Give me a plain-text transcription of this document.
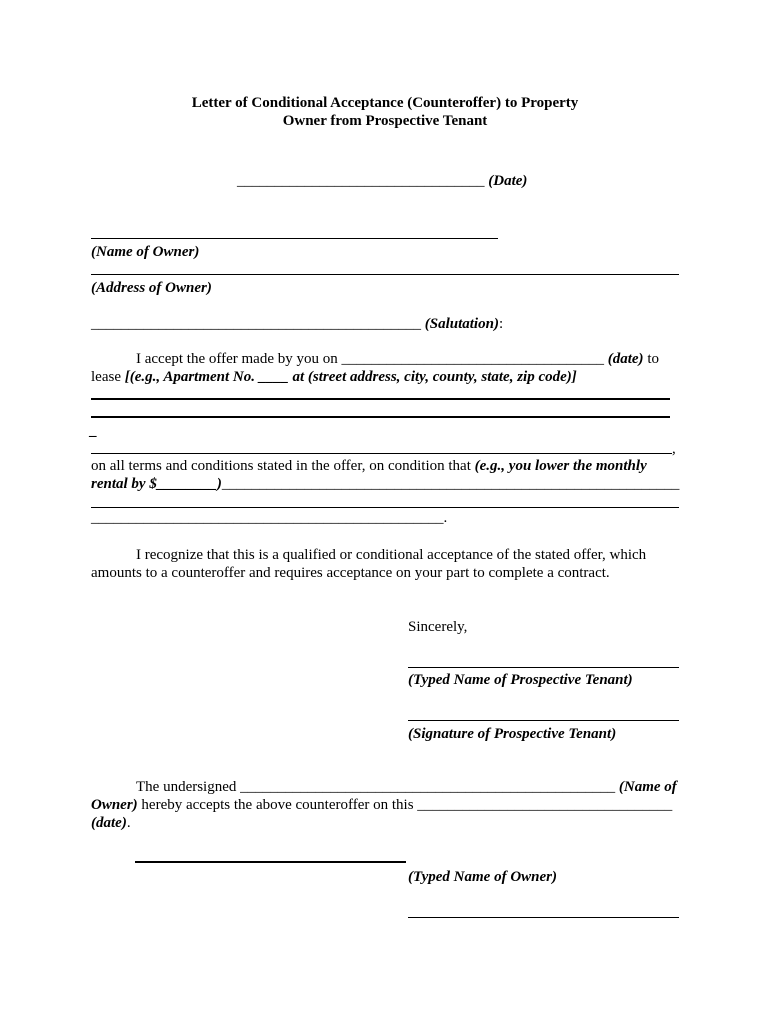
Letter of Conditional Acceptance (Counteroffer) to Property
Owner from Prospective Tenant
_________________________________ (Date)
(Name of Owner)
(Address of Owner)
____________________________________________ (Salutation):
I accept the offer made by you on ___________________________________ (date) to
lease [(e.g., Apartment No. ____ at (street address, city, county, state, zip code)]
_
,
on all terms and conditions stated in the offer, on condition that (e.g., you lower the monthly
rental by $________)_____________________________________________________________
_______________________________________________.
I recognize that this is a qualified or conditional acceptance of the stated offer, which
amounts to a counteroffer and requires acceptance on your part to complete a contract.
Sincerely,
(Typed Name of Prospective Tenant)
(Signature of Prospective Tenant)
The undersigned __________________________________________________ (Name of
Owner) hereby accepts the above counteroffer on this __________________________________
(date).
(Typed Name of Owner)
